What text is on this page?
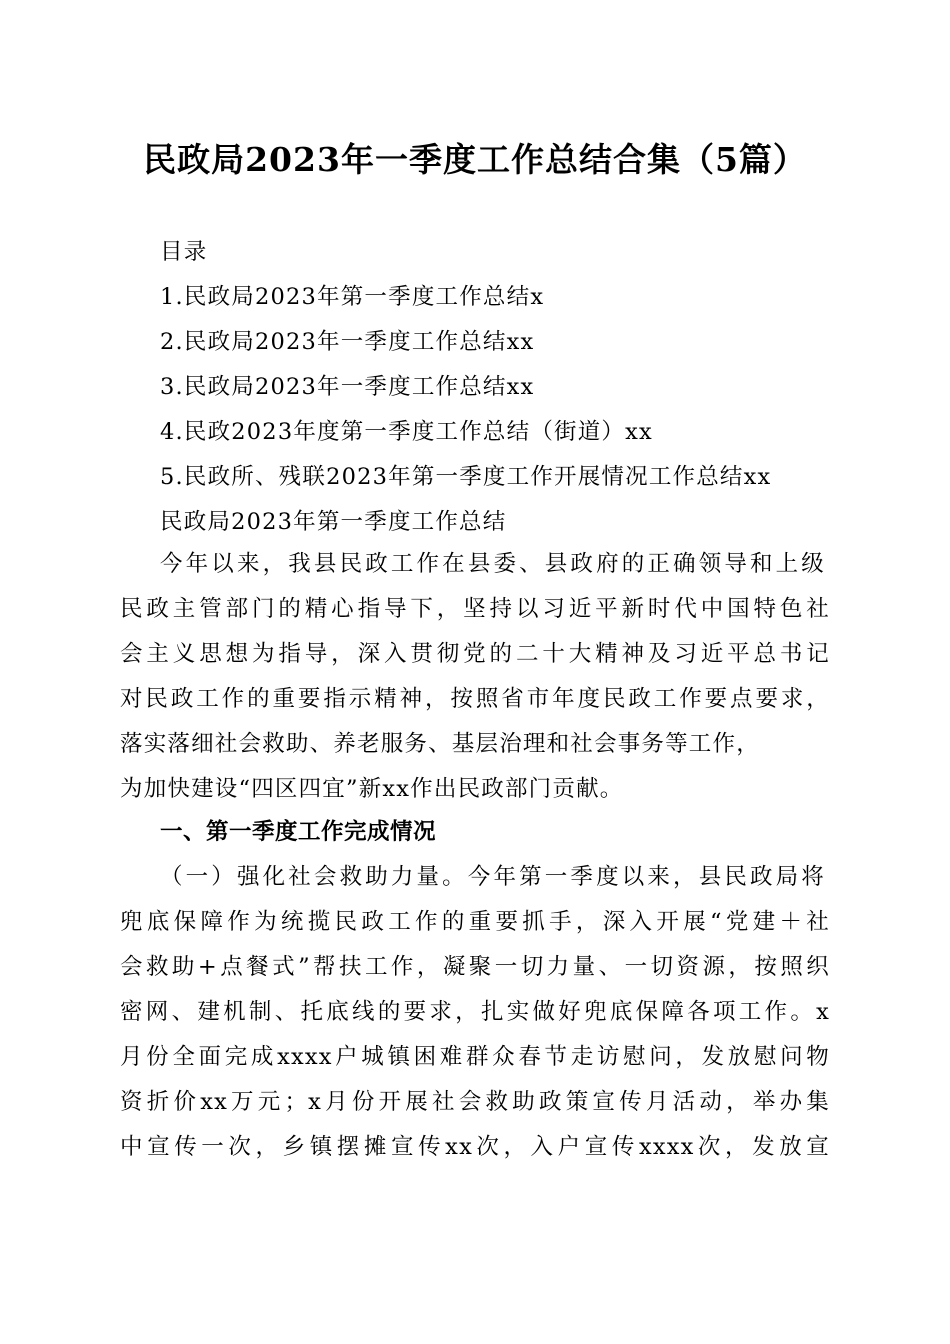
民政局2023年一季度工作总结合集（5篇）
目录
1.民政局2023年第一季度工作总结x
2.民政局2023年一季度工作总结xx
3.民政局2023年一季度工作总结xx
4.民政2023年度第一季度工作总结（街道）xx
5.民政所、残联2023年第一季度工作开展情况工作总结xx
民政局2023年第一季度工作总结
今年以来，我县民政工作在县委、县政府的正确领导和上级
民政主管部门的精心指导下，坚持以习近平新时代中国特色社
会主义思想为指导，深入贯彻党的二十大精神及习近平总书记
对民政工作的重要指示精神，按照省市年度民政工作要点要求，
落实落细社会救助、养老服务、基层治理和社会事务等工作，
为加快建设“四区四宜”新xx作出民政部门贡献。
一、第一季度工作完成情况
（一）强化社会救助力量。今年第一季度以来，县民政局将
兜底保障作为统揽民政工作的重要抓手，深入开展“党建＋社
会救助+点餐式”帮扶工作，凝聚一切力量、一切资源，按照织
密网、建机制、托底线的要求，扎实做好兜底保障各项工作。x
月份全面完成xxxx户城镇困难群众春节走访慰问，发放慰问物
资折价xx万元；x月份开展社会救助政策宣传月活动，举办集
中宣传一次，乡镇摆摊宣传xx次，入户宣传xxxx次，发放宣
